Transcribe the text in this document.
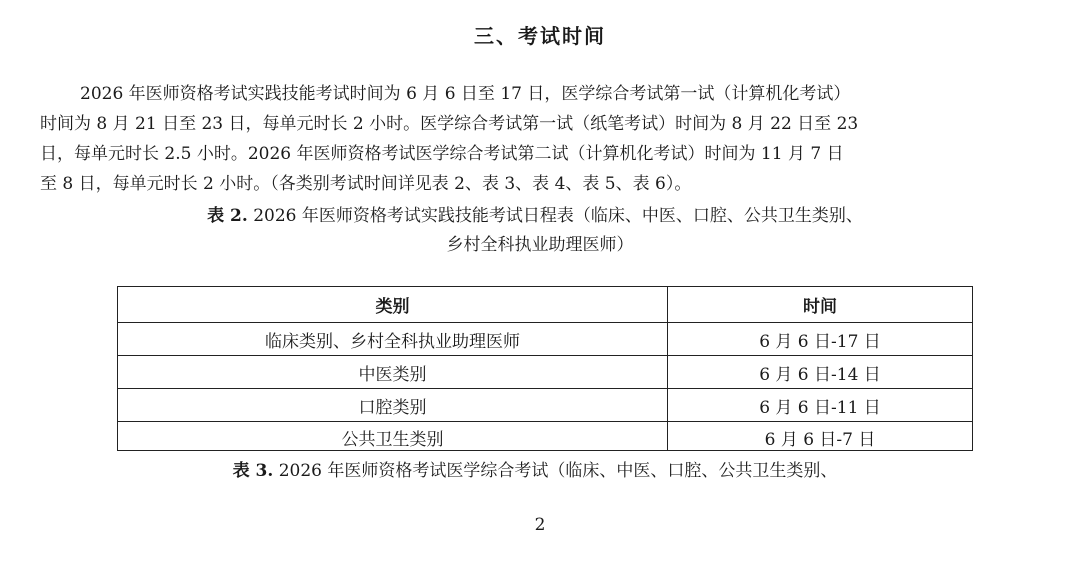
三、考试时间
2026 年医师资格考试实践技能考试时间为 6 月 6 日至 17 日，医学综合考试第一试（计算机化考试）
时间为 8 月 21 日至 23 日，每单元时长 2 小时。医学综合考试第一试（纸笔考试）时间为 8 月 22 日至 23
日，每单元时长 2.5 小时。2026 年医师资格考试医学综合考试第二试（计算机化考试）时间为 11 月 7 日
至 8 日，每单元时长 2 小时。（各类别考试时间详见表 2、表 3、表 4、表 5、表 6）。
表 2. 2026 年医师资格考试实践技能考试日程表（临床、中医、口腔、公共卫生类别、
乡村全科执业助理医师）
类别	时间
临床类别、乡村全科执业助理医师	6 月 6 日-17 日
中医类别	6 月 6 日-14 日
口腔类别	6 月 6 日-11 日
公共卫生类别	6 月 6 日-7 日
表 3. 2026 年医师资格考试医学综合考试（临床、中医、口腔、公共卫生类别、
2
